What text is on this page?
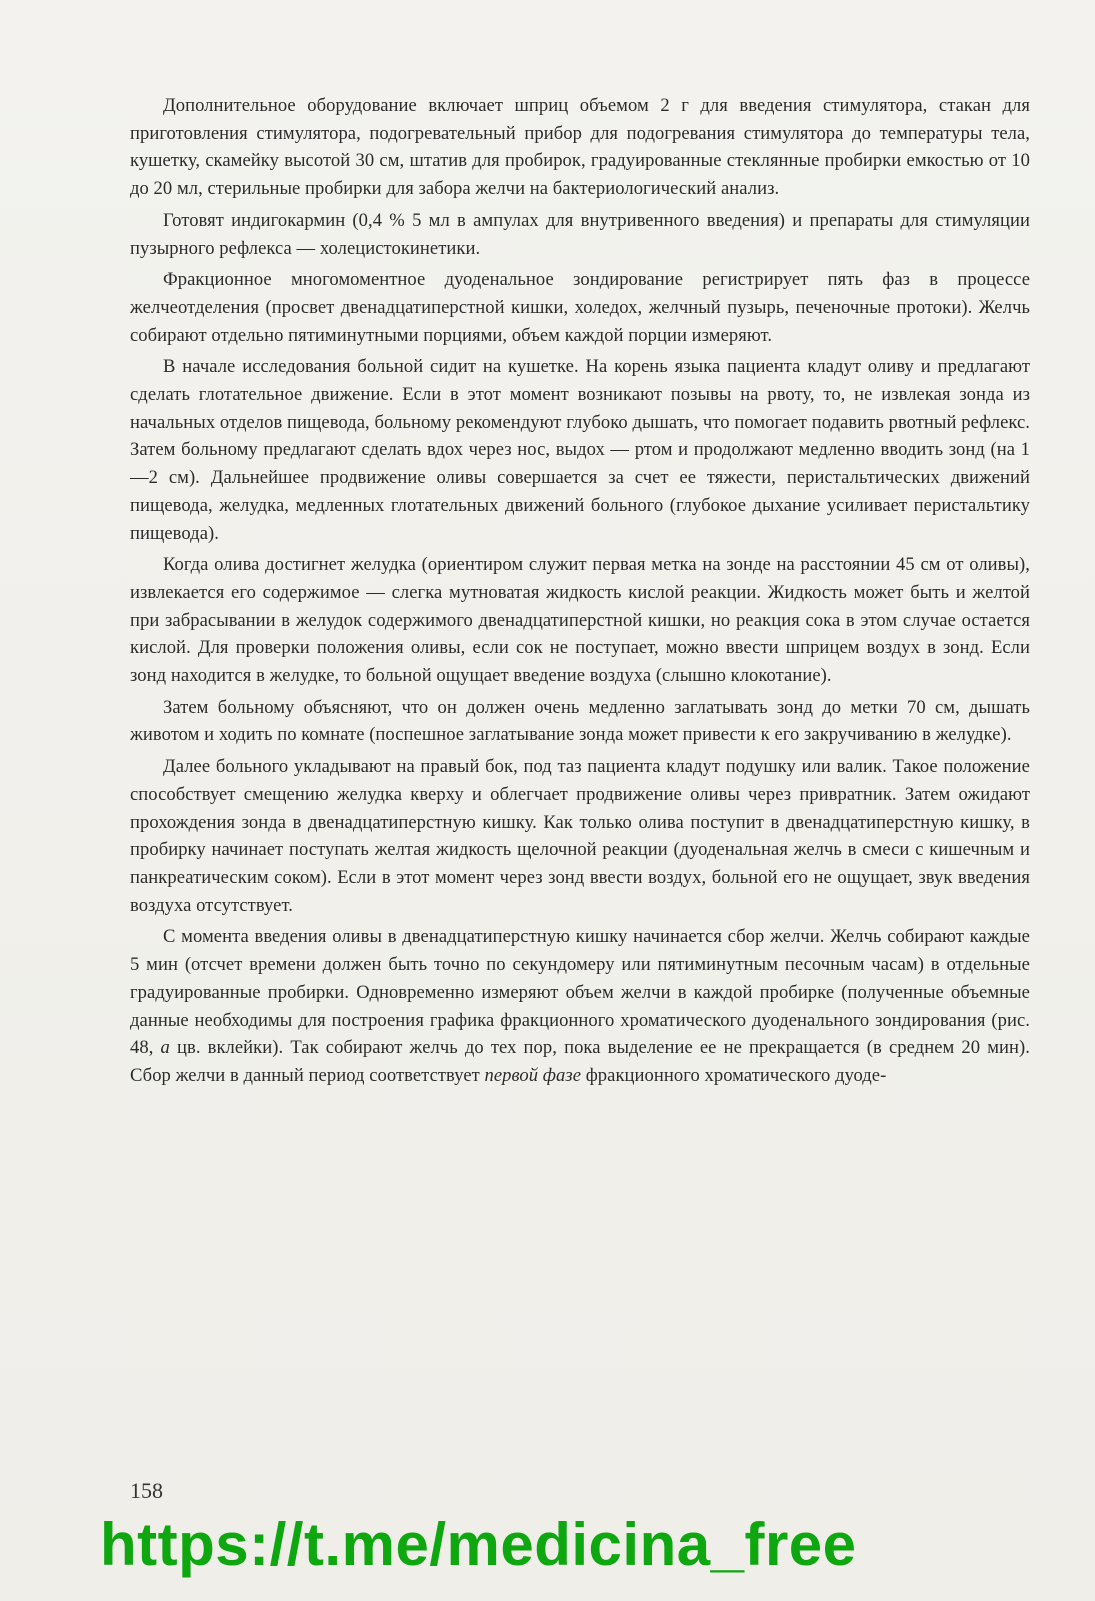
Дополнительное оборудование включает шприц объемом 2 г для введения стимулятора, стакан для приготовления стимулятора, подогревательный прибор для подогревания стимулятора до температуры тела, кушетку, скамейку высотой 30 см, штатив для пробирок, градуированные стеклянные пробирки емкостью от 10 до 20 мл, стерильные пробирки для забора желчи на бактериологический анализ.

Готовят индигокармин (0,4 % 5 мл в ампулах для внутривенного введения) и препараты для стимуляции пузырного рефлекса — холецистокинетики.

Фракционное многомоментное дуоденальное зондирование регистрирует пять фаз в процессе желчеотделения (просвет двенадцатиперстной кишки, холедох, желчный пузырь, печеночные протоки). Желчь собирают отдельно пятиминутными порциями, объем каждой порции измеряют.

В начале исследования больной сидит на кушетке. На корень языка пациента кладут оливу и предлагают сделать глотательное движение. Если в этот момент возникают позывы на рвоту, то, не извлекая зонда из начальных отделов пищевода, больному рекомендуют глубоко дышать, что помогает подавить рвотный рефлекс. Затем больному предлагают сделать вдох через нос, выдох — ртом и продолжают медленно вводить зонд (на 1—2 см). Дальнейшее продвижение оливы совершается за счет ее тяжести, перистальтических движений пищевода, желудка, медленных глотательных движений больного (глубокое дыхание усиливает перистальтику пищевода).

Когда олива достигнет желудка (ориентиром служит первая метка на зонде на расстоянии 45 см от оливы), извлекается его содержимое — слегка мутноватая жидкость кислой реакции. Жидкость может быть и желтой при забрасывании в желудок содержимого двенадцатиперстной кишки, но реакция сока в этом случае остается кислой. Для проверки положения оливы, если сок не поступает, можно ввести шприцем воздух в зонд. Если зонд находится в желудке, то больной ощущает введение воздуха (слышно клокотание).

Затем больному объясняют, что он должен очень медленно заглатывать зонд до метки 70 см, дышать животом и ходить по комнате (поспешное заглатывание зонда может привести к его закручиванию в желудке).

Далее больного укладывают на правый бок, под таз пациента кладут подушку или валик. Такое положение способствует смещению желудка кверху и облегчает продвижение оливы через привратник. Затем ожидают прохождения зонда в двенадцатиперстную кишку. Как только олива поступит в двенадцатиперстную кишку, в пробирку начинает поступать желтая жидкость щелочной реакции (дуоденальная желчь в смеси с кишечным и панкреатическим соком). Если в этот момент через зонд ввести воздух, больной его не ощущает, звук введения воздуха отсутствует.

С момента введения оливы в двенадцатиперстную кишку начинается сбор желчи. Желчь собирают каждые 5 мин (отсчет времени должен быть точно по секундомеру или пятиминутным песочным часам) в отдельные градуированные пробирки. Одновременно измеряют объем желчи в каждой пробирке (полученные объемные данные необходимы для построения графика фракционного хроматического дуоденального зондирования (рис. 48, а цв. вклейки). Так собирают желчь до тех пор, пока выделение ее не прекращается (в среднем 20 мин). Сбор желчи в данный период соответствует первой фазе фракционного хроматического дуоде-

158
https://t.me/medicina_free
